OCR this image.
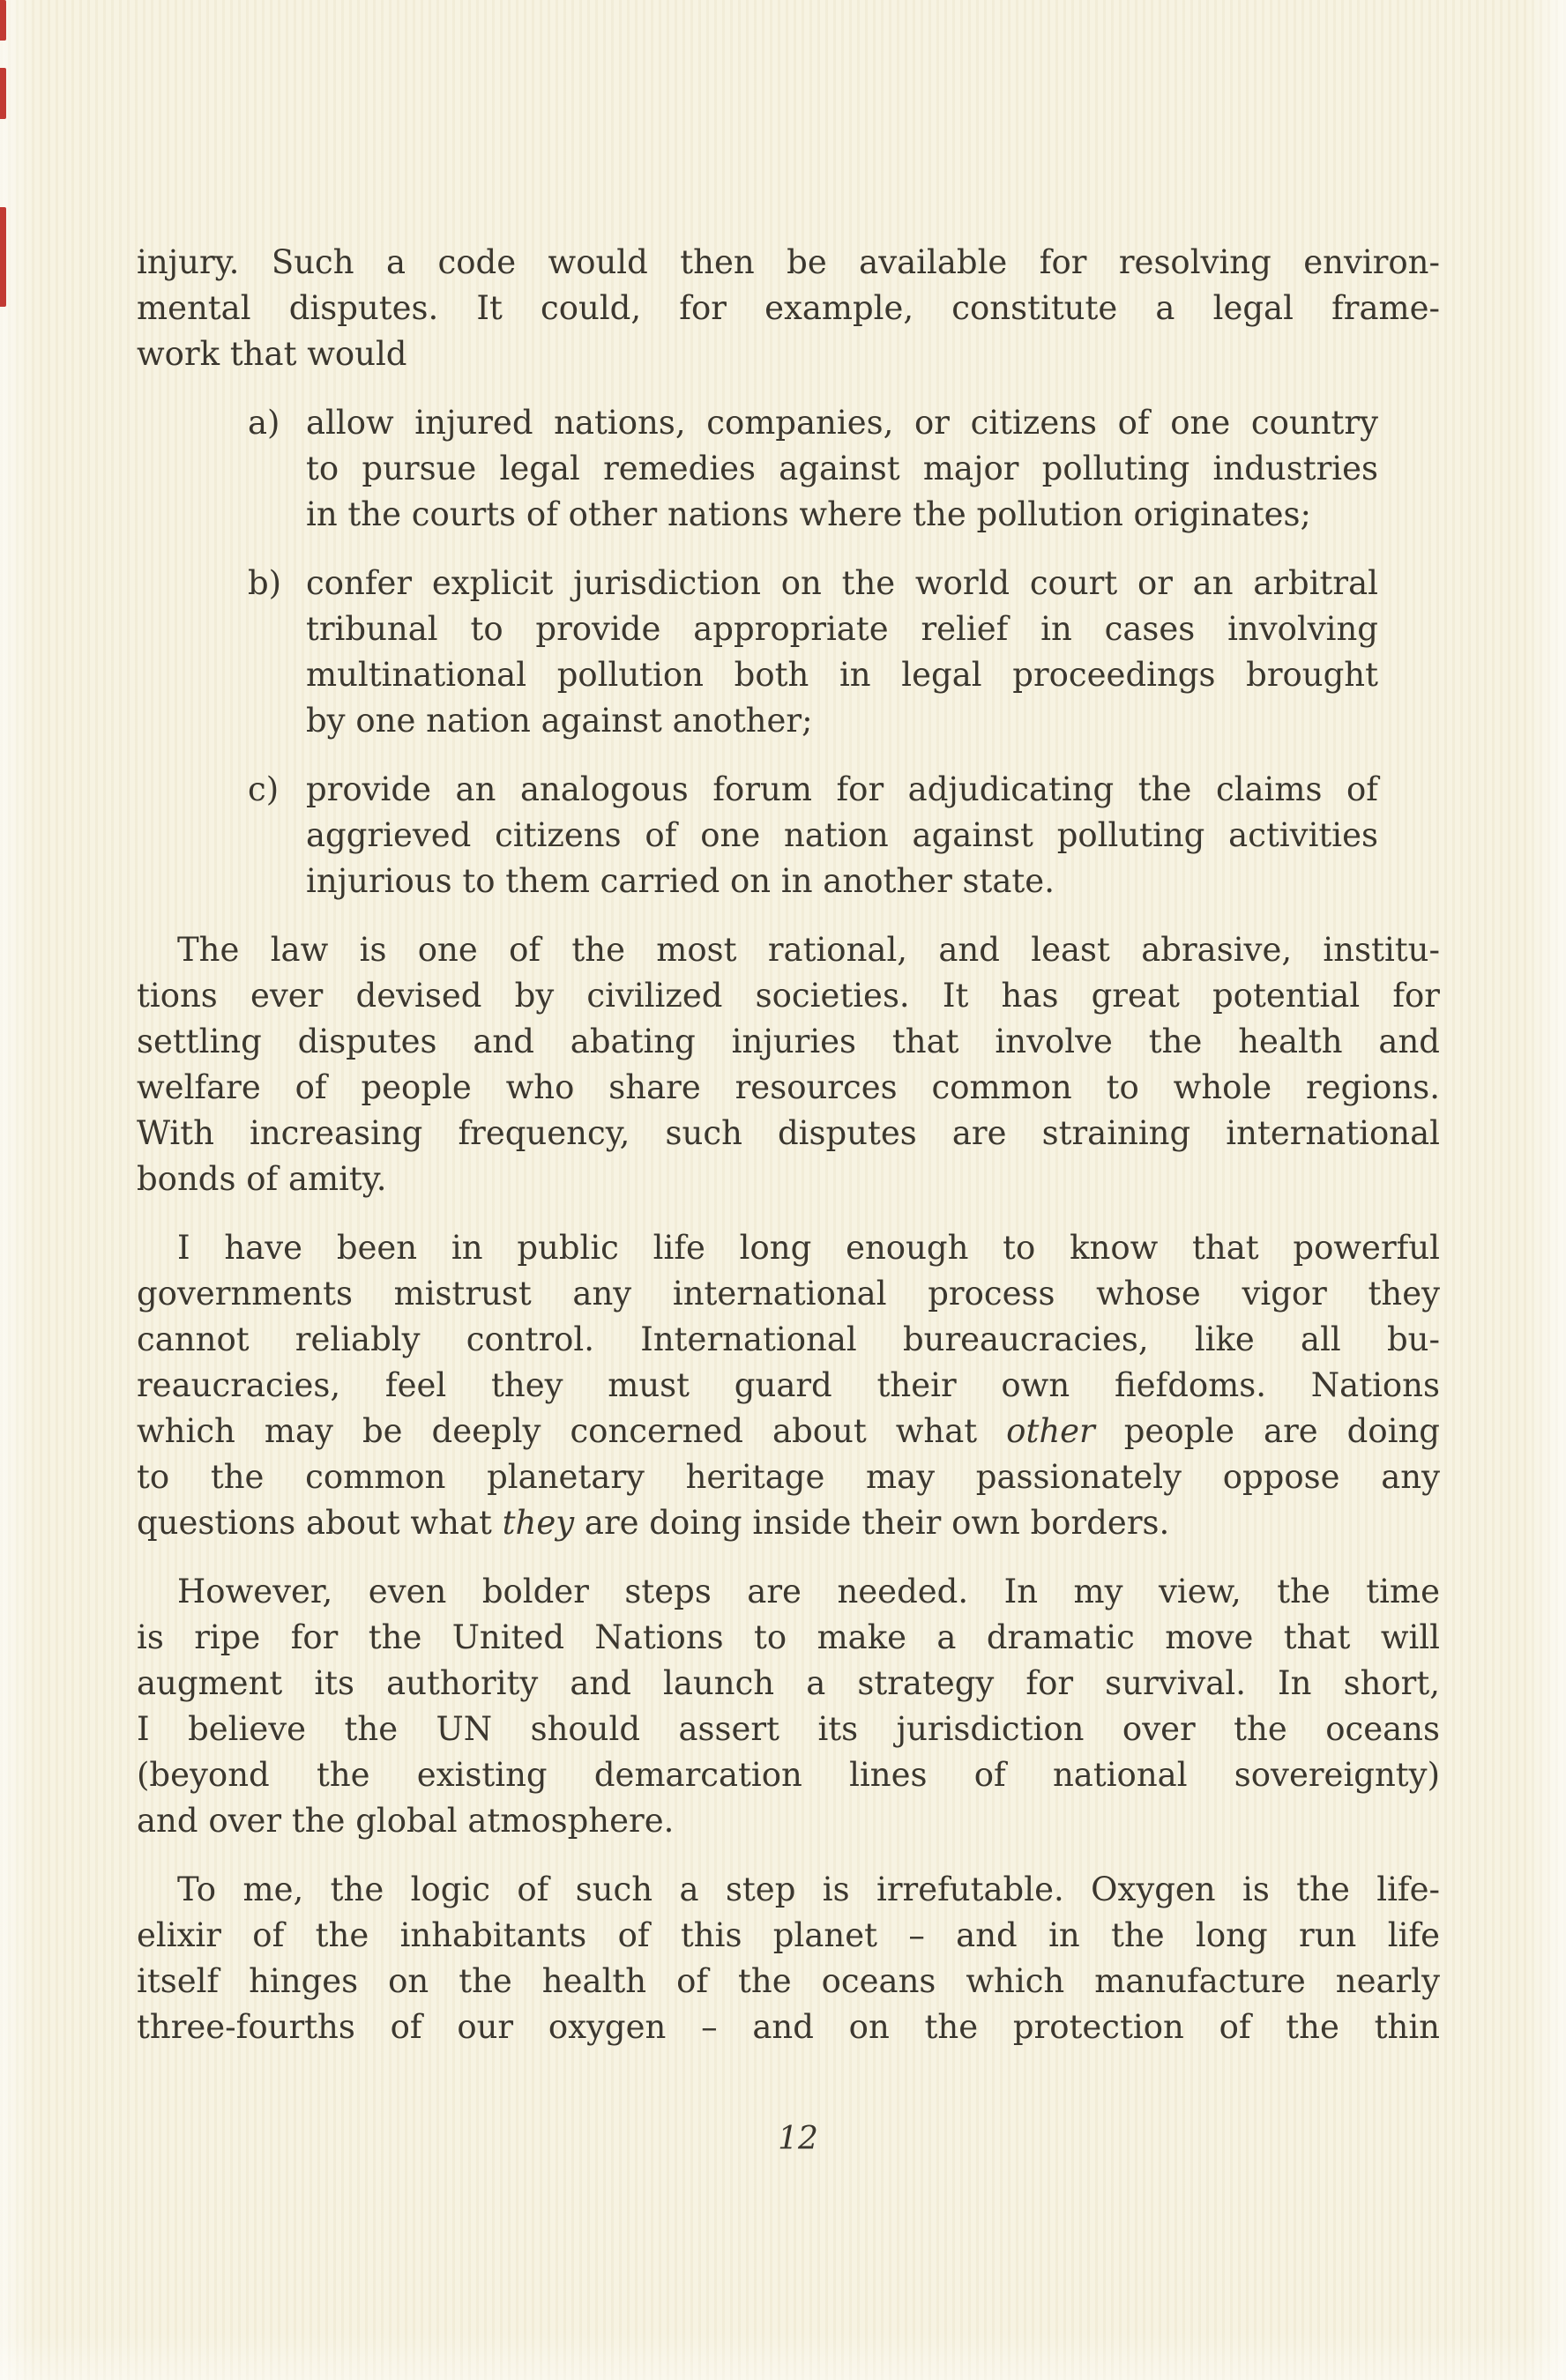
injury. Such a code would then be available for resolving environ-
mental disputes. It could, for example, constitute a legal frame-
work that would
a) allow injured nations, companies, or citizens of one country
to pursue legal remedies against major polluting industries
in the courts of other nations where the pollution originates;
b) confer explicit jurisdiction on the world court or an arbitral
tribunal to provide appropriate relief in cases involving
multinational pollution both in legal proceedings brought
by one nation against another;
c) provide an analogous forum for adjudicating the claims of
aggrieved citizens of one nation against polluting activities
injurious to them carried on in another state.
The law is one of the most rational, and least abrasive, institu-
tions ever devised by civilized societies. It has great potential for
settling disputes and abating injuries that involve the health and
welfare of people who share resources common to whole regions.
With increasing frequency, such disputes are straining international
bonds of amity.
I have been in public life long enough to know that powerful
governments mistrust any international process whose vigor they
cannot reliably control. International bureaucracies, like all bu-
reaucracies, feel they must guard their own fiefdoms. Nations
which may be deeply concerned about what other people are doing
to the common planetary heritage may passionately oppose any
questions about what they are doing inside their own borders.
However, even bolder steps are needed. In my view, the time
is ripe for the United Nations to make a dramatic move that will
augment its authority and launch a strategy for survival. In short,
I believe the UN should assert its jurisdiction over the oceans
(beyond the existing demarcation lines of national sovereignty)
and over the global atmosphere.
To me, the logic of such a step is irrefutable. Oxygen is the life-
elixir of the inhabitants of this planet – and in the long run life
itself hinges on the health of the oceans which manufacture nearly
three-fourths of our oxygen – and on the protection of the thin
12
